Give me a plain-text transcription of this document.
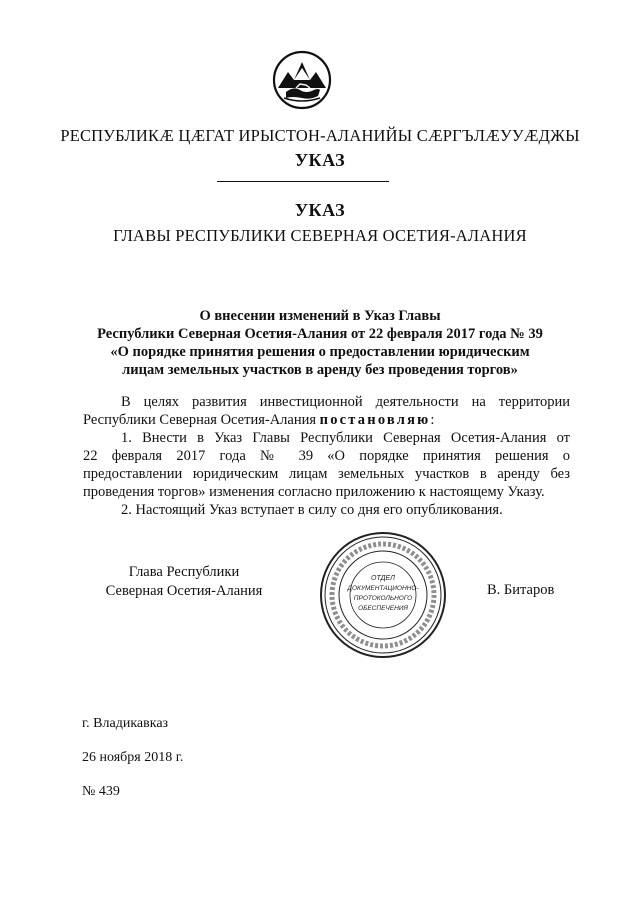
РЕСПУБЛИКӔ ЦӔГАТ ИРЫСТОН-АЛАНИЙЫ СӔРГЪЛӔУУӔДЖЫ
УКАЗ
УКАЗ
ГЛАВЫ РЕСПУБЛИКИ СЕВЕРНАЯ ОСЕТИЯ-АЛАНИЯ
О внесении изменений в Указ Главы
Республики Северная Осетия-Алания от 22 февраля 2017 года № 39
«О порядке принятия решения о предоставлении юридическим
лицам земельных участков в аренду без проведения торгов»
В целях развития инвестиционной деятельности на территории
Республики Северная Осетия-Алания постановляю:
1. Внести в Указ Главы Республики Северная Осетия-Алания от
22 февраля 2017 года № 39 «О порядке принятия решения о
предоставлении юридическим лицам земельных участков в аренду без
проведения торгов» изменения согласно приложению к настоящему Указу.
2. Настоящий Указ вступает в силу со дня его опубликования.
Глава Республики
Северная Осетия-Алания
ОТДЕЛ
ДОКУМЕНТАЦИОННО-
ПРОТОКОЛЬНОГО
ОБЕСПЕЧЕНИЯ
В. Битаров
г. Владикавказ
26 ноября 2018 г.
№ 439
